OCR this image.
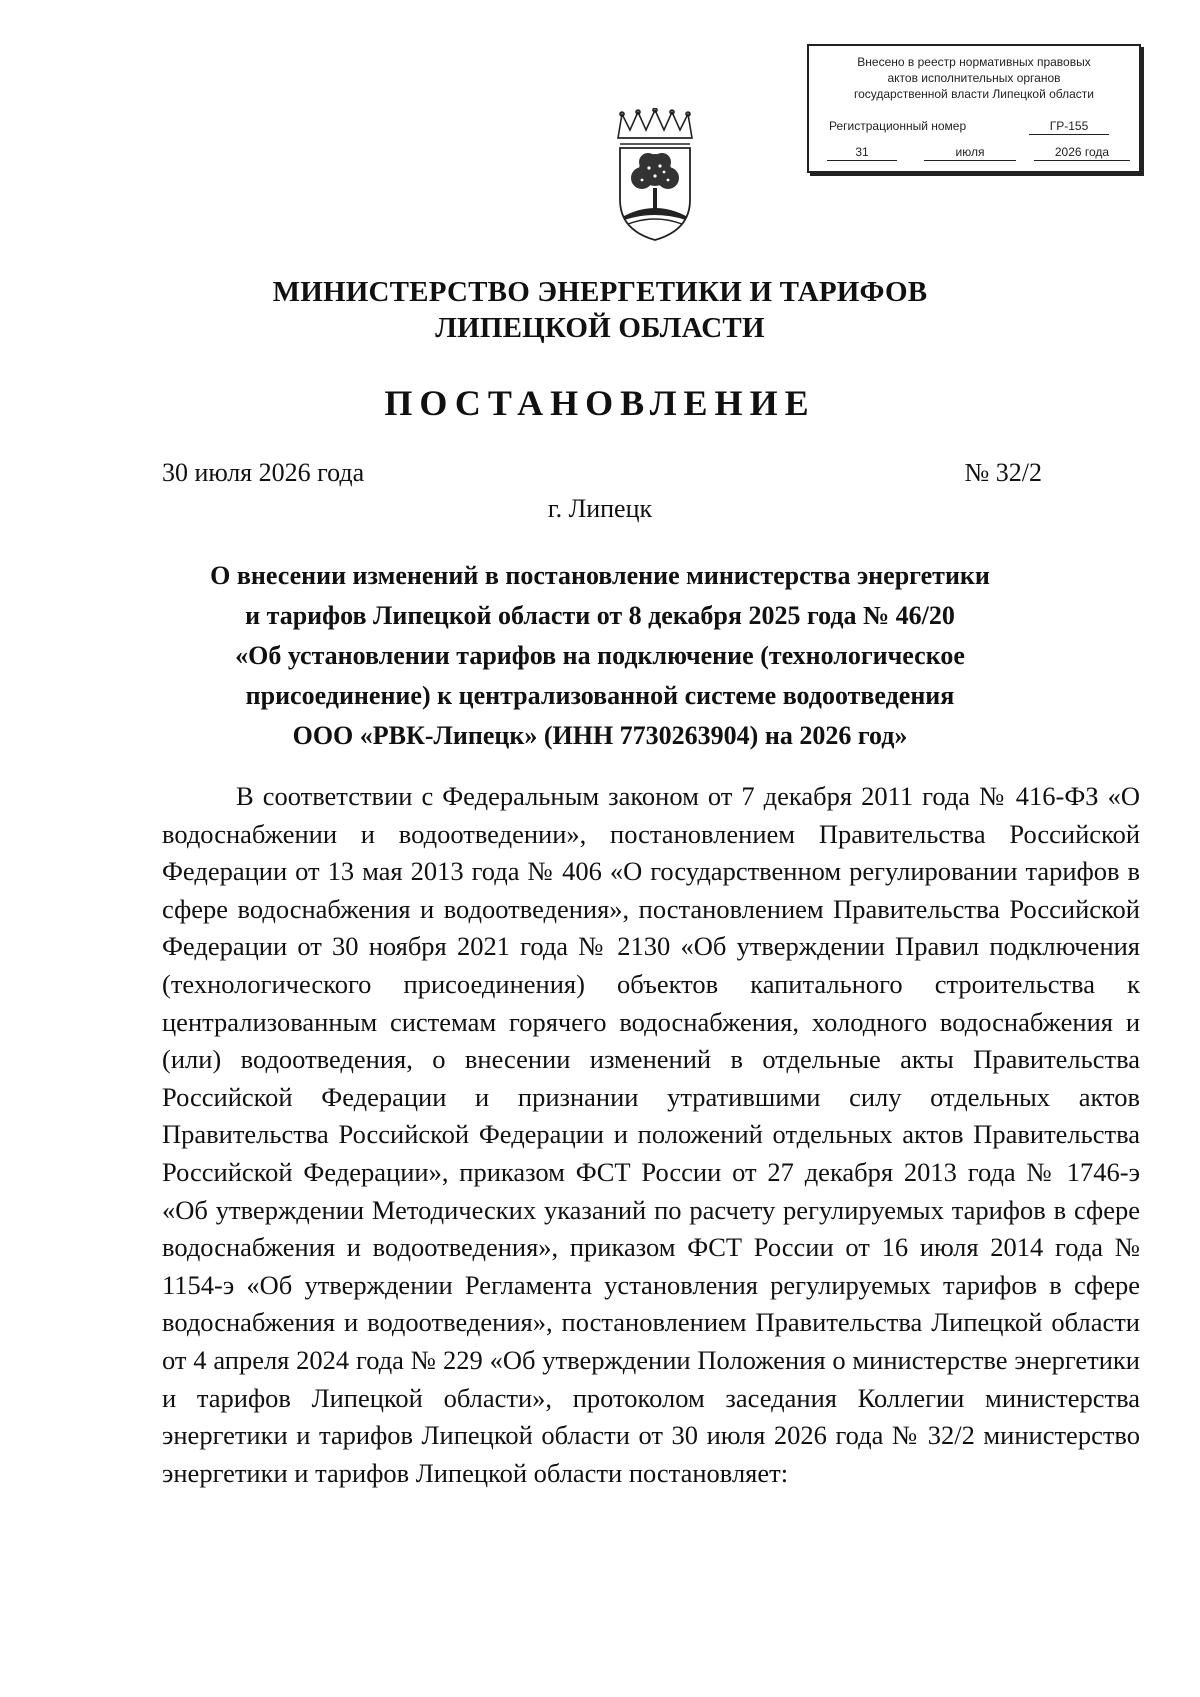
Внесено в реестр нормативных правовых
актов исполнительных органов
государственной власти Липецкой области
Регистрационный номер	ГР-155
31	июля	2026 года
МИНИСТЕРСТВО ЭНЕРГЕТИКИ И ТАРИФОВ
ЛИПЕЦКОЙ ОБЛАСТИ
ПОСТАНОВЛЕНИЕ
30 июля 2026 года	№ 32/2
г. Липецк
О внесении изменений в постановление министерства энергетики
и тарифов Липецкой области от 8 декабря 2025 года № 46/20
«Об установлении тарифов на подключение (технологическое
присоединение) к централизованной системе водоотведения
ООО «РВК-Липецк» (ИНН 7730263904) на 2026 год»
В соответствии с Федеральным законом от 7 декабря 2011 года № 416-ФЗ «О водоснабжении и водоотведении», постановлением Правительства Российской Федерации от 13 мая 2013 года № 406 «О государственном регулировании тарифов в сфере водоснабжения и водоотведения», постановлением Правительства Российской Федерации от 30 ноября 2021 года № 2130 «Об утверждении Правил подключения (технологического присоединения) объектов капитального строительства к централизованным системам горячего водоснабжения, холодного водоснабжения и (или) водоотведения, о внесении изменений в отдельные акты Правительства Российской Федерации и признании утратившими силу отдельных актов Правительства Российской Федерации и положений отдельных актов Правительства Российской Федерации», приказом ФСТ России от 27 декабря 2013 года № 1746-э «Об утверждении Методических указаний по расчету регулируемых тарифов в сфере водоснабжения и водоотведения», приказом ФСТ России от 16 июля 2014 года № 1154-э «Об утверждении Регламента установления регулируемых тарифов в сфере водоснабжения и водоотведения», постановлением Правительства Липецкой области от 4 апреля 2024 года № 229 «Об утверждении Положения о министерстве энергетики и тарифов Липецкой области», протоколом заседания Коллегии министерства энергетики и тарифов Липецкой области от 30 июля 2026 года № 32/2 министерство энергетики и тарифов Липецкой области постановляет:
